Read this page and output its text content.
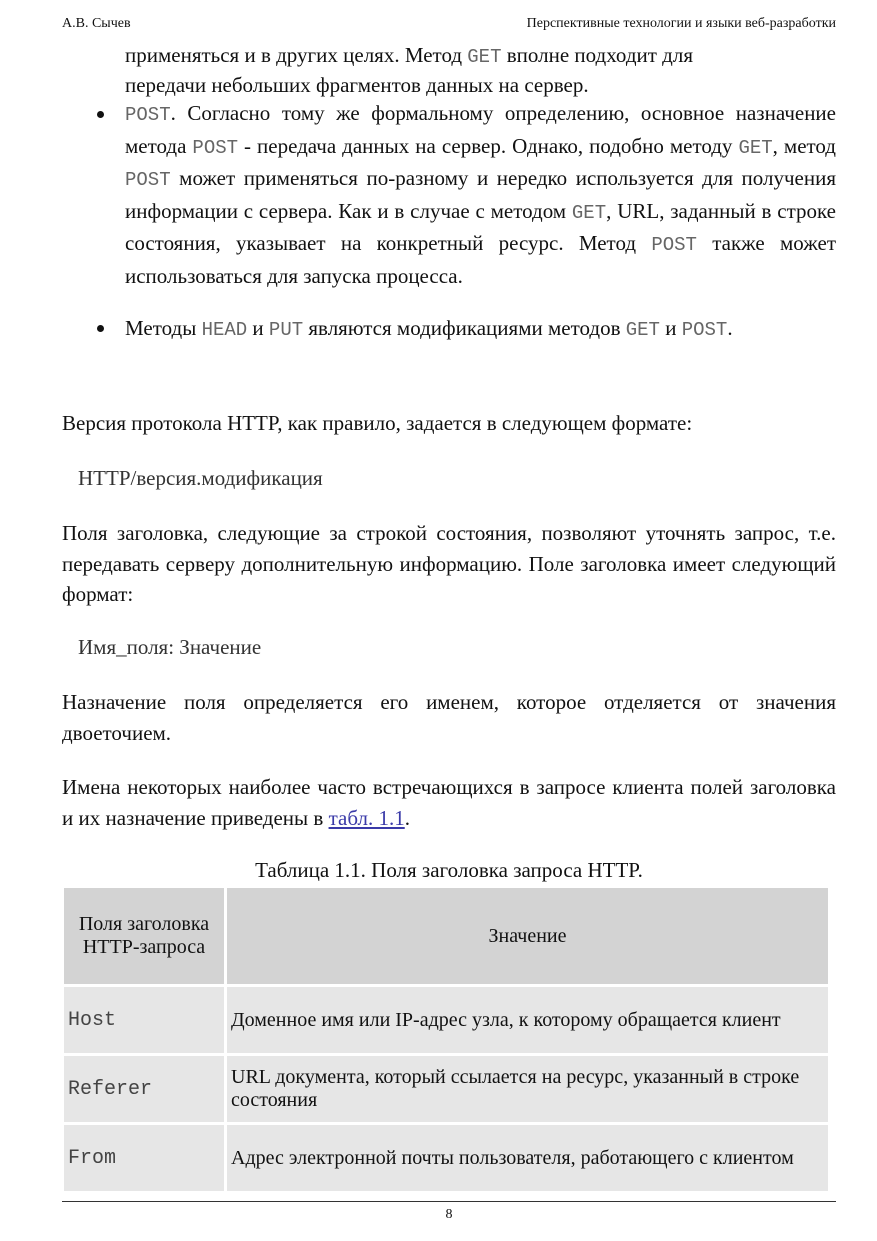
А.В. Сычев	Перспективные технологии и языки веб-разработки

применяться и в других целях. Метод GET вполне подходит для

передачи небольших фрагментов данных на сервер.

POST. Согласно тому же формальному определению, основное назначение метода POST - передача данных на сервер. Однако, подобно методу GET, метод POST может применяться по-разному и нередко используется для получения информации с сервера. Как и в случае с методом GET, URL, заданный в строке состояния, указывает на конкретный ресурс. Метод POST также может использоваться для запуска процесса.

Методы HEAD и PUT являются модификациями методов GET и POST.

Версия протокола HTTP, как правило, задается в следующем формате:

HTTP/версия.модификация

Поля заголовка, следующие за строкой состояния, позволяют уточнять запрос, т.е. передавать серверу дополнительную информацию. Поле заголовка имеет следующий формат:

Имя_поля: Значение

Назначение поля определяется его именем, которое отделяется от значения двоеточием.

Имена некоторых наиболее часто встречающихся в запросе клиента полей заголовка и их назначение приведены в табл. 1.1.

Таблица 1.1. Поля заголовка запроса HTTP.
Поля заголовка HTTP-запроса	Значение
Host	Доменное имя или IP-адрес узла, к которому обращается клиент
Referer	URL документа, который ссылается на ресурс, указанный в строке состояния
From	Адрес электронной почты пользователя, работающего с клиентом
8
